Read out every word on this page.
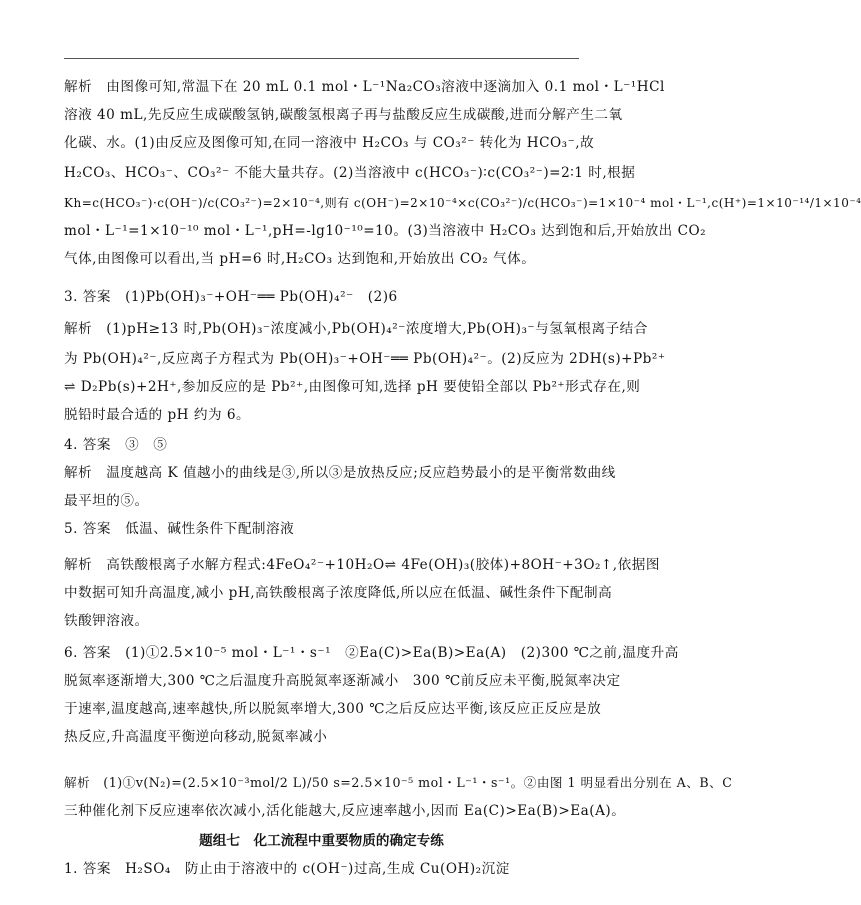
解析　由图像可知,常温下在 20 mL 0.1 mol・L⁻¹Na₂CO₃溶液中逐滴加入 0.1 mol・L⁻¹HCl
溶液 40 mL,先反应生成碳酸氢钠,碳酸氢根离子再与盐酸反应生成碳酸,进而分解产生二氧
化碳、水。(1)由反应及图像可知,在同一溶液中 H₂CO₃ 与 CO₃²⁻ 转化为 HCO₃⁻,故
H₂CO₃、HCO₃⁻、CO₃²⁻ 不能大量共存。(2)当溶液中 c(HCO₃⁻)∶c(CO₃²⁻)=2∶1 时,根据
Kh=c(HCO₃⁻)·c(OH⁻)/c(CO₃²⁻)=2×10⁻⁴,则有 c(OH⁻)=2×10⁻⁴×c(CO₃²⁻)/c(HCO₃⁻)=1×10⁻⁴ mol・L⁻¹,c(H⁺)=1×10⁻¹⁴/1×10⁻⁴
mol・L⁻¹=1×10⁻¹⁰ mol・L⁻¹,pH=-lg10⁻¹⁰=10。(3)当溶液中 H₂CO₃ 达到饱和后,开始放出 CO₂
气体,由图像可以看出,当 pH=6 时,H₂CO₃ 达到饱和,开始放出 CO₂ 气体。
3. 答案　(1)Pb(OH)₃⁻+OH⁻══ Pb(OH)₄²⁻　(2)6
解析　(1)pH≥13 时,Pb(OH)₃⁻浓度减小,Pb(OH)₄²⁻浓度增大,Pb(OH)₃⁻与氢氧根离子结合
为 Pb(OH)₄²⁻,反应离子方程式为 Pb(OH)₃⁻+OH⁻══ Pb(OH)₄²⁻。(2)反应为 2DH(s)+Pb²⁺
⇌ D₂Pb(s)+2H⁺,参加反应的是 Pb²⁺,由图像可知,选择 pH 要使铅全部以 Pb²⁺形式存在,则
脱铅时最合适的 pH 约为 6。
4. 答案　③　⑤
解析　温度越高 K 值越小的曲线是③,所以③是放热反应;反应趋势最小的是平衡常数曲线
最平坦的⑤。
5. 答案　低温、碱性条件下配制溶液
解析　高铁酸根离子水解方程式:4FeO₄²⁻+10H₂O⇌ 4Fe(OH)₃(胶体)+8OH⁻+3O₂↑,依据图
中数据可知升高温度,减小 pH,高铁酸根离子浓度降低,所以应在低温、碱性条件下配制高
铁酸钾溶液。
6. 答案　(1)①2.5×10⁻⁵ mol・L⁻¹・s⁻¹　②Ea(C)>Ea(B)>Ea(A)　(2)300 ℃之前,温度升高
脱氮率逐渐增大,300 ℃之后温度升高脱氮率逐渐减小　300 ℃前反应未平衡,脱氮率决定
于速率,温度越高,速率越快,所以脱氮率增大,300 ℃之后反应达平衡,该反应正反应是放
热反应,升高温度平衡逆向移动,脱氮率减小
解析　(1)①v(N₂)=(2.5×10⁻³mol/2 L)/50 s=2.5×10⁻⁵ mol・L⁻¹・s⁻¹。②由图 1 明显看出分别在 A、B、C
三种催化剂下反应速率依次减小,活化能越大,反应速率越小,因而 Ea(C)>Ea(B)>Ea(A)。
题组七　化工流程中重要物质的确定专练
1. 答案　H₂SO₄　防止由于溶液中的 c(OH⁻)过高,生成 Cu(OH)₂沉淀
